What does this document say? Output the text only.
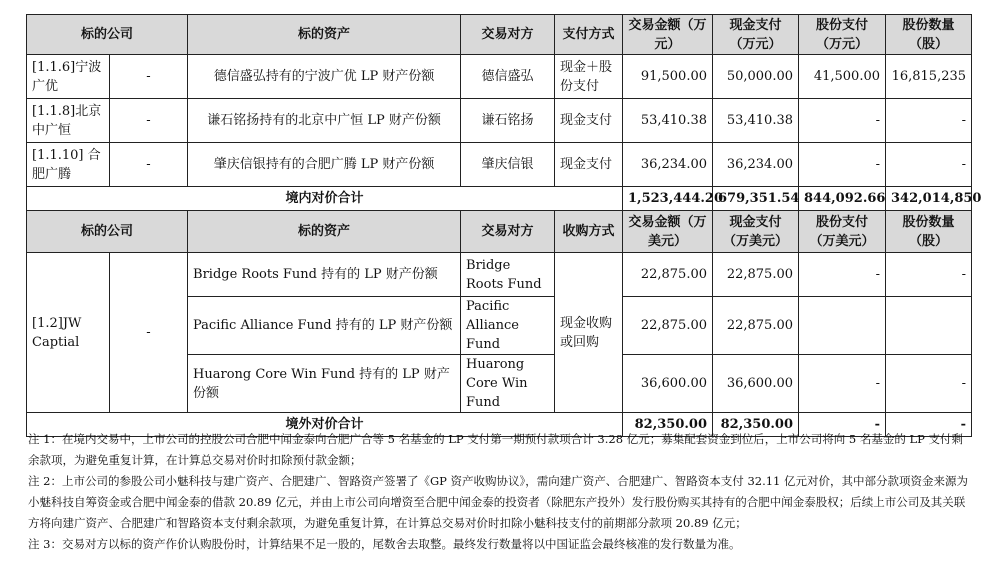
标的公司		标的资产	交易对方	支付方式	交易金额（万元）	现金支付（万元）	股份支付（万元）	股份数量（股）
[1.1.6]宁波广优	-	德信盛弘持有的宁波广优 LP 财产份额	德信盛弘	现金＋股份支付	91,500.00	50,000.00	41,500.00	16,815,235
[1.1.8]北京中广恒	-	谦石铭扬持有的北京中广恒 LP 财产份额	谦石铭扬	现金支付	53,410.38	53,410.38	-	-
[1.1.10] 合肥广腾	-	肇庆信银持有的合肥广腾 LP 财产份额	肇庆信银	现金支付	36,234.00	36,234.00	-	-
境内对价合计					1,523,444.20	679,351.54	844,092.66	342,014,850
标的公司		标的资产	交易对方	收购方式	交易金额（万美元）	现金支付（万美元）	股份支付（万美元）	股份数量（股）
[1.2]JW Captial	-	Bridge Roots Fund 持有的 LP 财产份额	Bridge Roots Fund	现金收购或回购	22,875.00	22,875.00	-	-
		Pacific Alliance Fund 持有的 LP 财产份额	Pacific Alliance Fund		22,875.00	22,875.00		
		Huarong Core Win Fund 持有的 LP 财产份额	Huarong Core Win Fund		36,600.00	36,600.00	-	-
境外对价合计					82,350.00	82,350.00	-	-

注 1：在境内交易中，上市公司的控股公司合肥中闻金泰向合肥广合等 5 名基金的 LP 支付第一期预付款项合计 3.28 亿元；募集配套资金到位后，上市公司将向 5 名基金的 LP 支付剩余款项，为避免重复计算，在计算总交易对价时扣除预付款金额；

注 2：上市公司的参股公司小魅科技与建广资产、合肥建广、智路资产签署了《GP 资产收购协议》，需向建广资产、合肥建广、智路资本支付 32.11 亿元对价，其中部分款项资金来源为小魅科技自筹资金或合肥中闻金泰的借款 20.89 亿元，并由上市公司向增资至合肥中闻金泰的投资者（除肥东产投外）发行股份购买其持有的合肥中闻金泰股权；后续上市公司及其关联方将向建广资产、合肥建广和智路资本支付剩余款项，为避免重复计算，在计算总交易对价时扣除小魅科技支付的前期部分款项 20.89 亿元；

注 3：交易对方以标的资产作价认购股份时，计算结果不足一股的，尾数舍去取整。最终发行数量将以中国证监会最终核准的发行数量为准。
